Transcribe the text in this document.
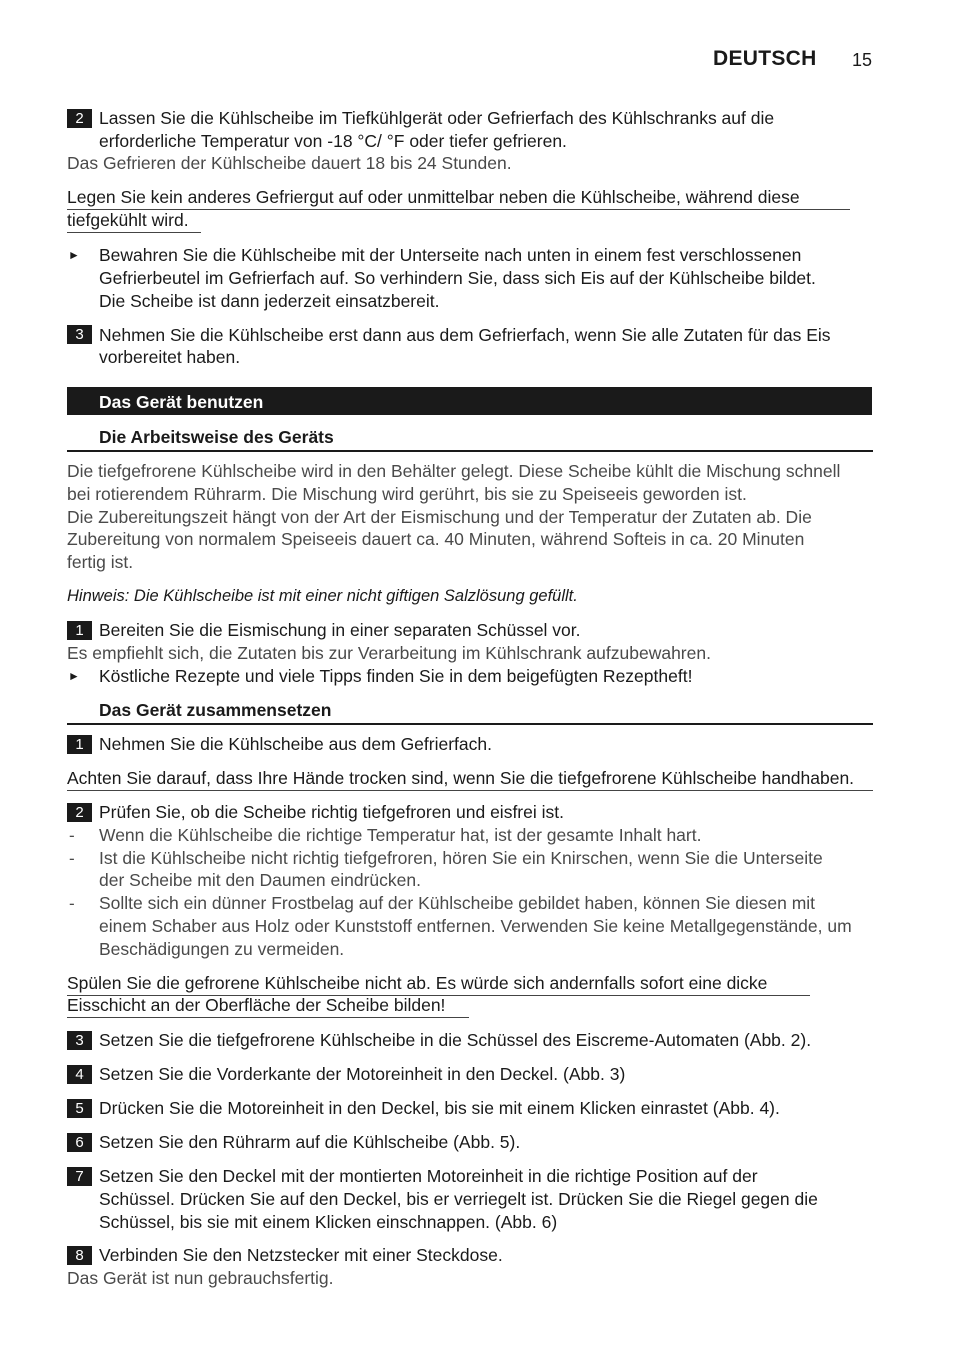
DEUTSCH 15
2 Lassen Sie die Kühlscheibe im Tiefkühlgerät oder Gefrierfach des Kühlschranks auf die
erforderliche Temperatur von -18 °C/ °F oder tiefer gefrieren.
Das Gefrieren der Kühlscheibe dauert 18 bis 24 Stunden.
Legen Sie kein anderes Gefriergut auf oder unmittelbar neben die Kühlscheibe, während diese
tiefgekühlt wird.
► Bewahren Sie die Kühlscheibe mit der Unterseite nach unten in einem fest verschlossenen
Gefrierbeutel im Gefrierfach auf. So verhindern Sie, dass sich Eis auf der Kühlscheibe bildet.
Die Scheibe ist dann jederzeit einsatzbereit.
3 Nehmen Sie die Kühlscheibe erst dann aus dem Gefrierfach, wenn Sie alle Zutaten für das Eis
vorbereitet haben.
Das Gerät benutzen
Die Arbeitsweise des Geräts
Die tiefgefrorene Kühlscheibe wird in den Behälter gelegt. Diese Scheibe kühlt die Mischung schnell
bei rotierendem Rührarm. Die Mischung wird gerührt, bis sie zu Speiseeis geworden ist.
Die Zubereitungszeit hängt von der Art der Eismischung und der Temperatur der Zutaten ab. Die
Zubereitung von normalem Speiseeis dauert ca. 40 Minuten, während Softeis in ca. 20 Minuten
fertig ist.
Hinweis: Die Kühlscheibe ist mit einer nicht giftigen Salzlösung gefüllt.
1 Bereiten Sie die Eismischung in einer separaten Schüssel vor.
Es empfiehlt sich, die Zutaten bis zur Verarbeitung im Kühlschrank aufzubewahren.
► Köstliche Rezepte und viele Tipps finden Sie in dem beigefügten Rezeptheft!
Das Gerät zusammensetzen
1 Nehmen Sie die Kühlscheibe aus dem Gefrierfach.
Achten Sie darauf, dass Ihre Hände trocken sind, wenn Sie die tiefgefrorene Kühlscheibe handhaben.
2 Prüfen Sie, ob die Scheibe richtig tiefgefroren und eisfrei ist.
- Wenn die Kühlscheibe die richtige Temperatur hat, ist der gesamte Inhalt hart.
- Ist die Kühlscheibe nicht richtig tiefgefroren, hören Sie ein Knirschen, wenn Sie die Unterseite
der Scheibe mit den Daumen eindrücken.
- Sollte sich ein dünner Frostbelag auf der Kühlscheibe gebildet haben, können Sie diesen mit
einem Schaber aus Holz oder Kunststoff entfernen. Verwenden Sie keine Metallgegenstände, um
Beschädigungen zu vermeiden.
Spülen Sie die gefrorene Kühlscheibe nicht ab. Es würde sich andernfalls sofort eine dicke
Eisschicht an der Oberfläche der Scheibe bilden!
3 Setzen Sie die tiefgefrorene Kühlscheibe in die Schüssel des Eiscreme-Automaten (Abb. 2).
4 Setzen Sie die Vorderkante der Motoreinheit in den Deckel. (Abb. 3)
5 Drücken Sie die Motoreinheit in den Deckel, bis sie mit einem Klicken einrastet (Abb. 4).
6 Setzen Sie den Rührarm auf die Kühlscheibe (Abb. 5).
7 Setzen Sie den Deckel mit der montierten Motoreinheit in die richtige Position auf der
Schüssel. Drücken Sie auf den Deckel, bis er verriegelt ist. Drücken Sie die Riegel gegen die
Schüssel, bis sie mit einem Klicken einschnappen. (Abb. 6)
8 Verbinden Sie den Netzstecker mit einer Steckdose.
Das Gerät ist nun gebrauchsfertig.
